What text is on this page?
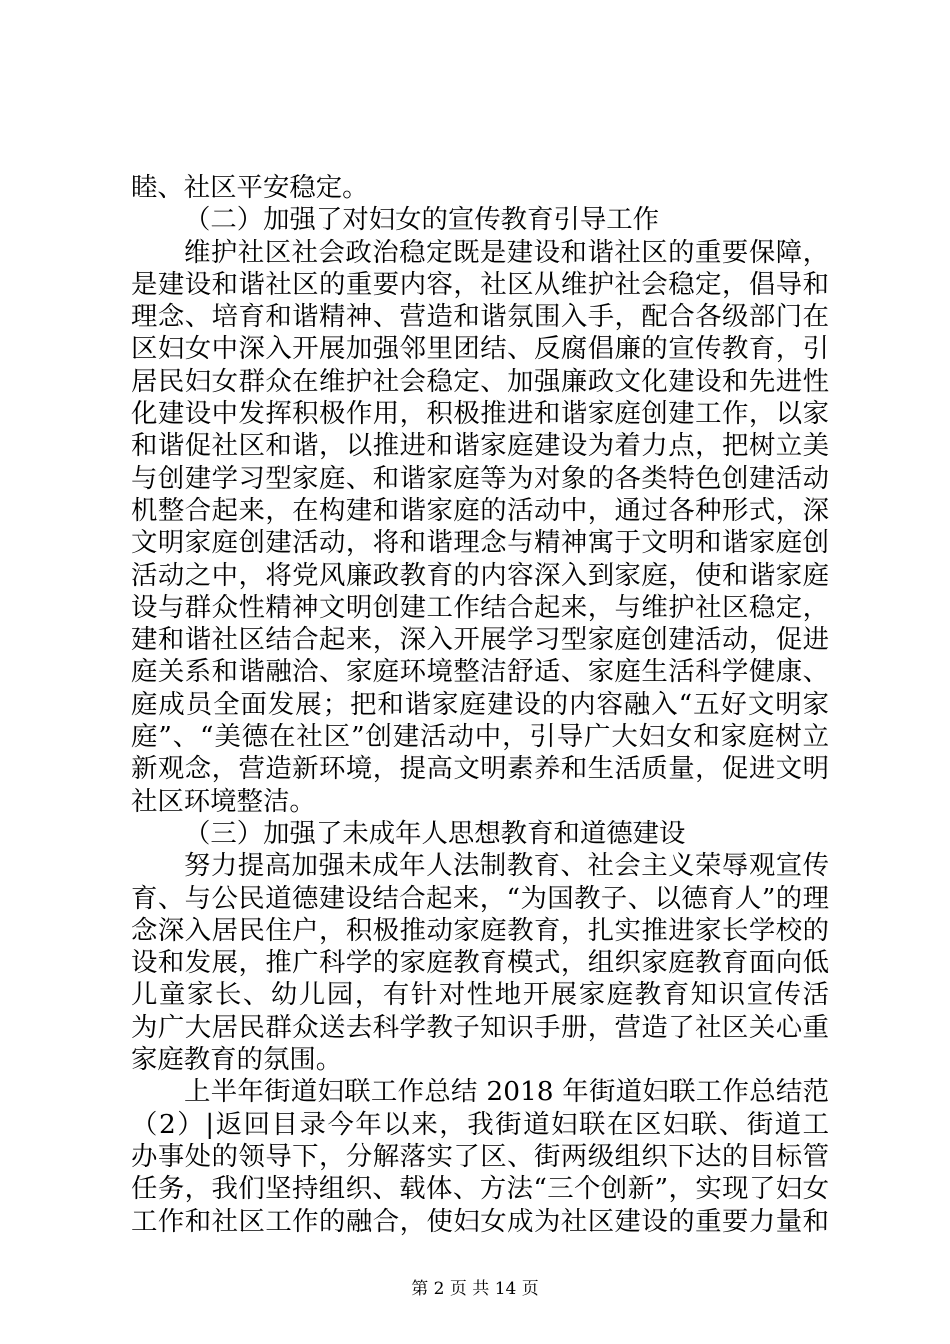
睦、社区平安稳定。
（二）加强了对妇女的宣传教育引导工作
维护社区社会政治稳定既是建设和谐社区的重要保障，
是建设和谐社区的重要内容，社区从维护社会稳定，倡导和
理念、培育和谐精神、营造和谐氛围入手，配合各级部门在
区妇女中深入开展加强邻里团结、反腐倡廉的宣传教育，引
居民妇女群众在维护社会稳定、加强廉政文化建设和先进性
化建设中发挥积极作用，积极推进和谐家庭创建工作，以家
和谐促社区和谐，以推进和谐家庭建设为着力点，把树立美
与创建学习型家庭、和谐家庭等为对象的各类特色创建活动
机整合起来，在构建和谐家庭的活动中，通过各种形式，深
文明家庭创建活动，将和谐理念与精神寓于文明和谐家庭创
活动之中，将党风廉政教育的内容深入到家庭，使和谐家庭
设与群众性精神文明创建工作结合起来，与维护社区稳定，
建和谐社区结合起来，深入开展学习型家庭创建活动，促进
庭关系和谐融洽、家庭环境整洁舒适、家庭生活科学健康、
庭成员全面发展；把和谐家庭建设的内容融入“五好文明家
庭”、“美德在社区”创建活动中，引导广大妇女和家庭树立
新观念，营造新环境，提高文明素养和生活质量，促进文明
社区环境整洁。
（三）加强了未成年人思想教育和道德建设
努力提高加强未成年人法制教育、社会主义荣辱观宣传
育、与公民道德建设结合起来，“为国教子、以德育人”的理
念深入居民住户，积极推动家庭教育，扎实推进家长学校的
设和发展，推广科学的家庭教育模式，组织家庭教育面向低
儿童家长、幼儿园，有针对性地开展家庭教育知识宣传活
为广大居民群众送去科学教子知识手册，营造了社区关心重
家庭教育的氛围。
上半年街道妇联工作总结 2018 年街道妇联工作总结范
（2）|返回目录今年以来，我街道妇联在区妇联、街道工
办事处的领导下，分解落实了区、街两级组织下达的目标管
任务，我们坚持组织、载体、方法“三个创新”，实现了妇女
工作和社区工作的融合，使妇女成为社区建设的重要力量和
第 2 页 共 14 页
